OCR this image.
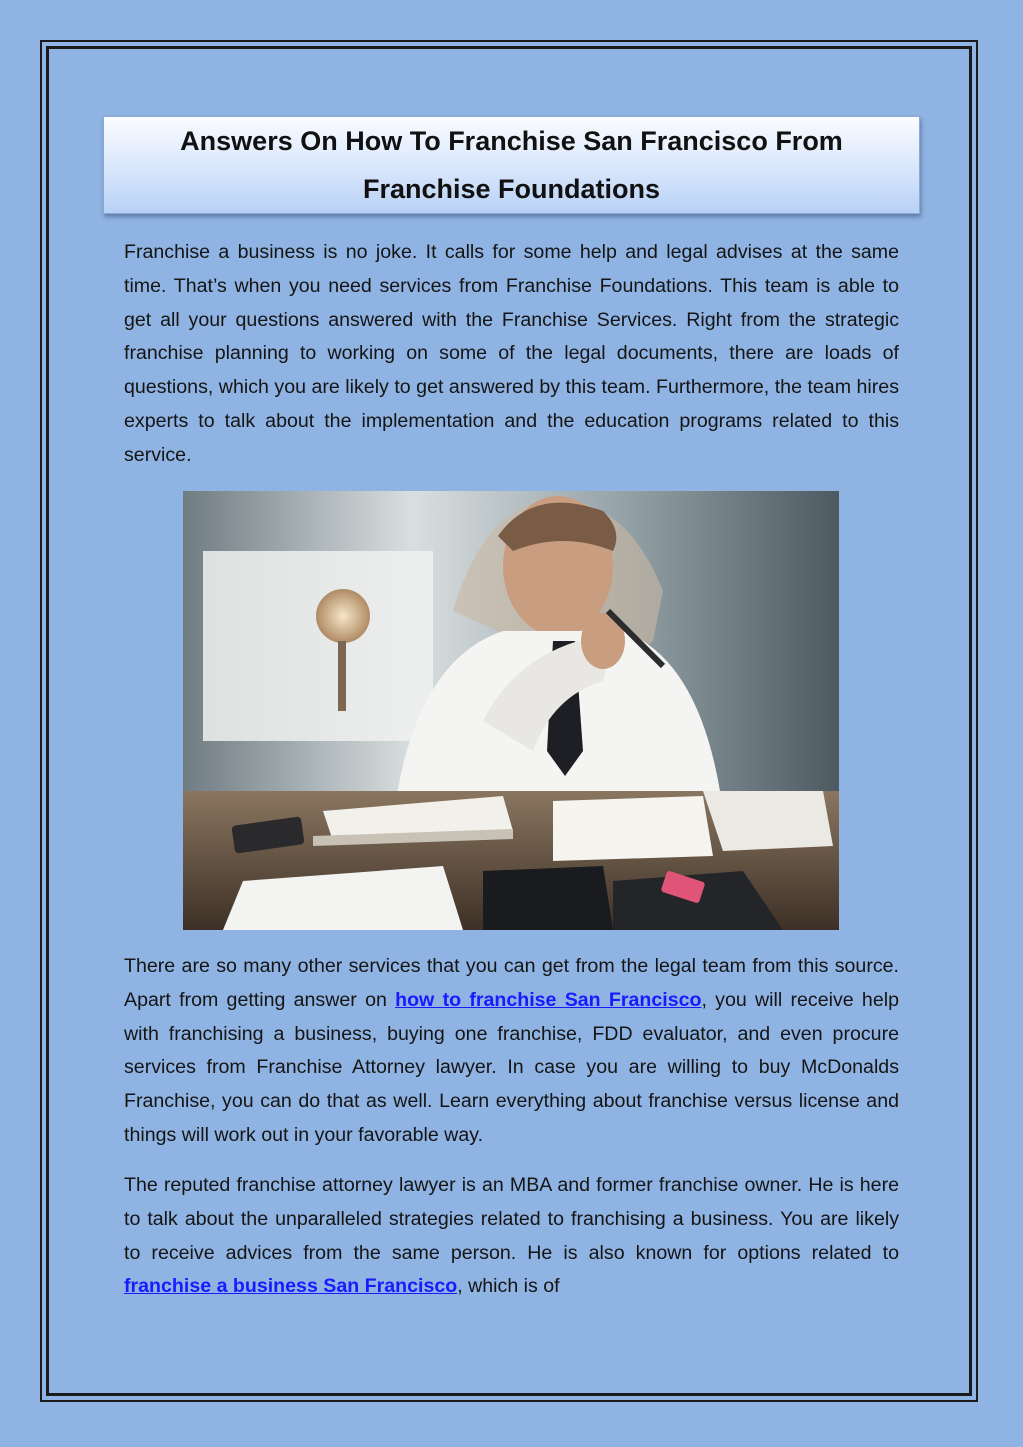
Answers On How To Franchise San Francisco From Franchise Foundations

Franchise a business is no joke. It calls for some help and legal advises at the same time. That’s when you need services from Franchise Foundations. This team is able to get all your questions answered with the Franchise Services. Right from the strategic franchise planning to working on some of the legal documents, there are loads of questions, which you are likely to get answered by this team. Furthermore, the team hires experts to talk about the implementation and the education programs related to this service.

There are so many other services that you can get from the legal team from this source. Apart from getting answer on how to franchise San Francisco, you will receive help with franchising a business, buying one franchise, FDD evaluator, and even procure services from Franchise Attorney lawyer. In case you are willing to buy McDonalds Franchise, you can do that as well. Learn everything about franchise versus license and things will work out in your favorable way.

The reputed franchise attorney lawyer is an MBA and former franchise owner. He is here to talk about the unparalleled strategies related to franchising a business. You are likely to receive advices from the same person. He is also known for options related to franchise a business San Francisco, which is of
